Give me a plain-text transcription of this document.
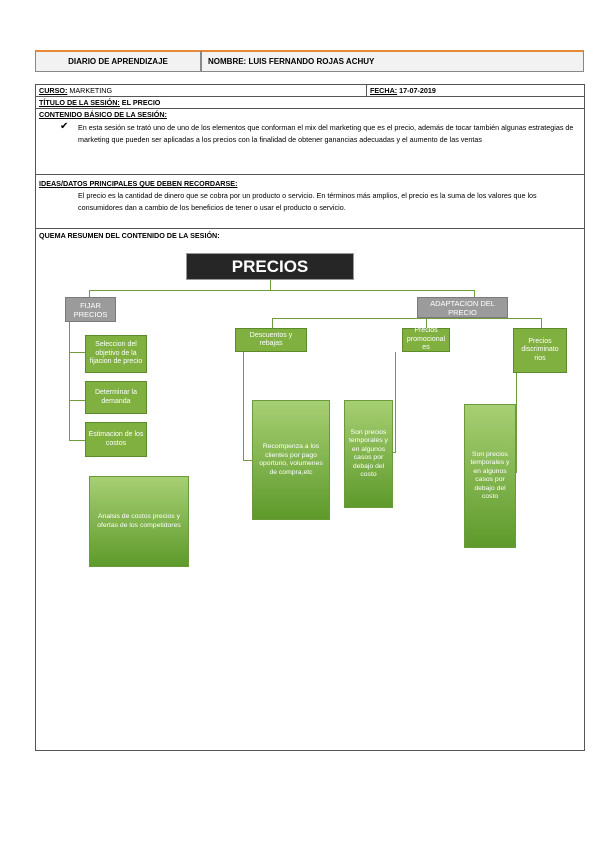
DIARIO DE APRENDIZAJE	NOMBRE: LUIS FERNANDO ROJAS ACHUY
CURSO: MARKETING	FECHA: 17-07-2019
TÍTULO DE LA SESIÓN: EL PRECIO
CONTENIDO BÁSICO DE LA SESIÓN:
✔ En esta sesión se trató uno de uno de los elementos que conforman el mix del marketing que es el precio, además de tocar también algunas estrategias de marketing que pueden ser aplicadas a los precios con la finalidad de obtener ganancias adecuadas y el aumento de las ventas
IDEAS/DATOS PRINCIPALES QUE DEBEN RECORDARSE:
El precio es la cantidad de dinero que se cobra por un producto o servicio. En términos más amplios, el precio es la suma de los valores que los consumidores dan a cambio de los beneficios de tener o usar el producto o servicio.
QUEMA RESUMEN DEL CONTENIDO DE LA SESIÓN:
PRECIOS
FIJAR PRECIOS
ADAPTACION DEL PRECIO
Seleccion del objetivo de la fijacion de precio
Determinar la demanda
Estimacion de los costos
Analsis de costos precios y ofertas de los competidores
Descuentos y rebajas
Recompenza a los clientes por pago oportuno, volumenes de compra,etc
Precios promocional es
Son precios temporales y en algunos casos por debajo del costo
Precios discriminato rios
Son precios temporales y en algunos casos por debajo del costo
